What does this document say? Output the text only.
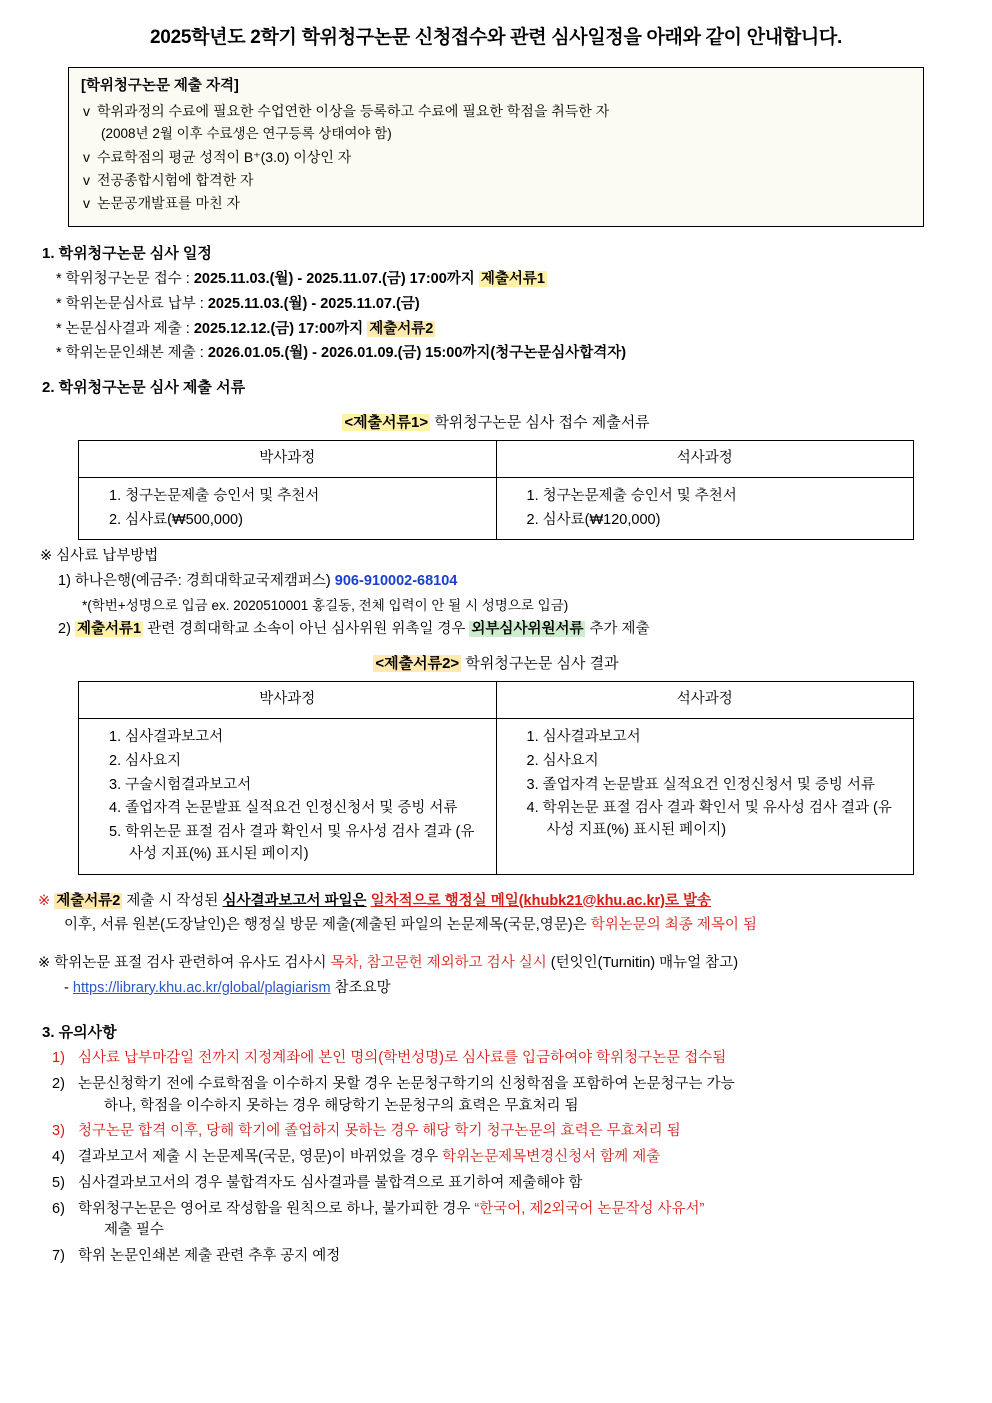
2025학년도 2학기 학위청구논문 신청접수와 관련 심사일정을 아래와 같이 안내합니다.
[학위청구논문 제출 자격]
v 학위과정의 수료에 필요한 수업연한 이상을 등록하고 수료에 필요한 학점을 취득한 자
(2008년 2월 이후 수료생은 연구등록 상태여야 함)
v 수료학점의 평균 성적이 B⁺(3.0) 이상인 자
v 전공종합시험에 합격한 자
v 논문공개발표를 마친 자
1. 학위청구논문 심사 일정
* 학위청구논문 접수 : 2025.11.03.(월) - 2025.11.07.(금) 17:00까지 제출서류1
* 학위논문심사료 납부 : 2025.11.03.(월) - 2025.11.07.(금)
* 논문심사결과 제출 : 2025.12.12.(금) 17:00까지 제출서류2
* 학위논문인쇄본 제출 : 2026.01.05.(월) - 2026.01.09.(금) 15:00까지(청구논문심사합격자)
2. 학위청구논문 심사 제출 서류
<제출서류1> 학위청구논문 심사 접수 제출서류
박사과정	석사과정

1. 청구논문제출 승인서 및 추천서
2. 심사료(₩500,000)

1. 청구논문제출 승인서 및 추천서
2. 심사료(₩120,000)
※ 심사료 납부방법
1) 하나은행(예금주: 경희대학교국제캠퍼스) 906-910002-68104
*(학번+성명으로 입금 ex. 2020510001 홍길동, 전체 입력이 안 될 시 성명으로 입금)
2) 제출서류1 관련 경희대학교 소속이 아닌 심사위원 위촉일 경우 외부심사위원서류 추가 제출
<제출서류2> 학위청구논문 심사 결과
박사과정	석사과정

1. 심사결과보고서
2. 심사요지
3. 구술시험결과보고서
4. 졸업자격 논문발표 실적요건 인정신청서 및 증빙 서류
5. 학위논문 표절 검사 결과 확인서 및 유사성 검사 결과 (유사성 지표(%) 표시된 페이지)

1. 심사결과보고서
2. 심사요지
3. 졸업자격 논문발표 실적요건 인정신청서 및 증빙 서류
4. 학위논문 표절 검사 결과 확인서 및 유사성 검사 결과 (유사성 지표(%) 표시된 페이지)
※ 제출서류2 제출 시 작성된 심사결과보고서 파일은 일차적으로 행정실 메일(khubk21@khu.ac.kr)로 발송
이후, 서류 원본(도장날인)은 행정실 방문 제출(제출된 파일의 논문제목(국문,영문)은 학위논문의 최종 제목이 됨
※ 학위논문 표절 검사 관련하여 유사도 검사시 목차, 참고문헌 제외하고 검사 실시 (턴잇인(Turnitin) 매뉴얼 참고)
- https://library.khu.ac.kr/global/plagiarism 참조요망
3. 유의사항
1) 심사료 납부마감일 전까지 지정계좌에 본인 명의(학번성명)로 심사료를 입금하여야 학위청구논문 접수됨
2) 논문신청학기 전에 수료학점을 이수하지 못할 경우 논문청구학기의 신청학점을 포함하여 논문청구는 가능
하나, 학점을 이수하지 못하는 경우 해당학기 논문청구의 효력은 무효처리 됨
3) 청구논문 합격 이후, 당해 학기에 졸업하지 못하는 경우 해당 학기 청구논문의 효력은 무효처리 됨
4) 결과보고서 제출 시 논문제목(국문, 영문)이 바뀌었을 경우 학위논문제목변경신청서 함께 제출
5) 심사결과보고서의 경우 불합격자도 심사결과를 불합격으로 표기하여 제출해야 함
6) 학위청구논문은 영어로 작성함을 원칙으로 하나, 불가피한 경우 “한국어, 제2외국어 논문작성 사유서”
제출 필수
7) 학위 논문인쇄본 제출 관련 추후 공지 예정
